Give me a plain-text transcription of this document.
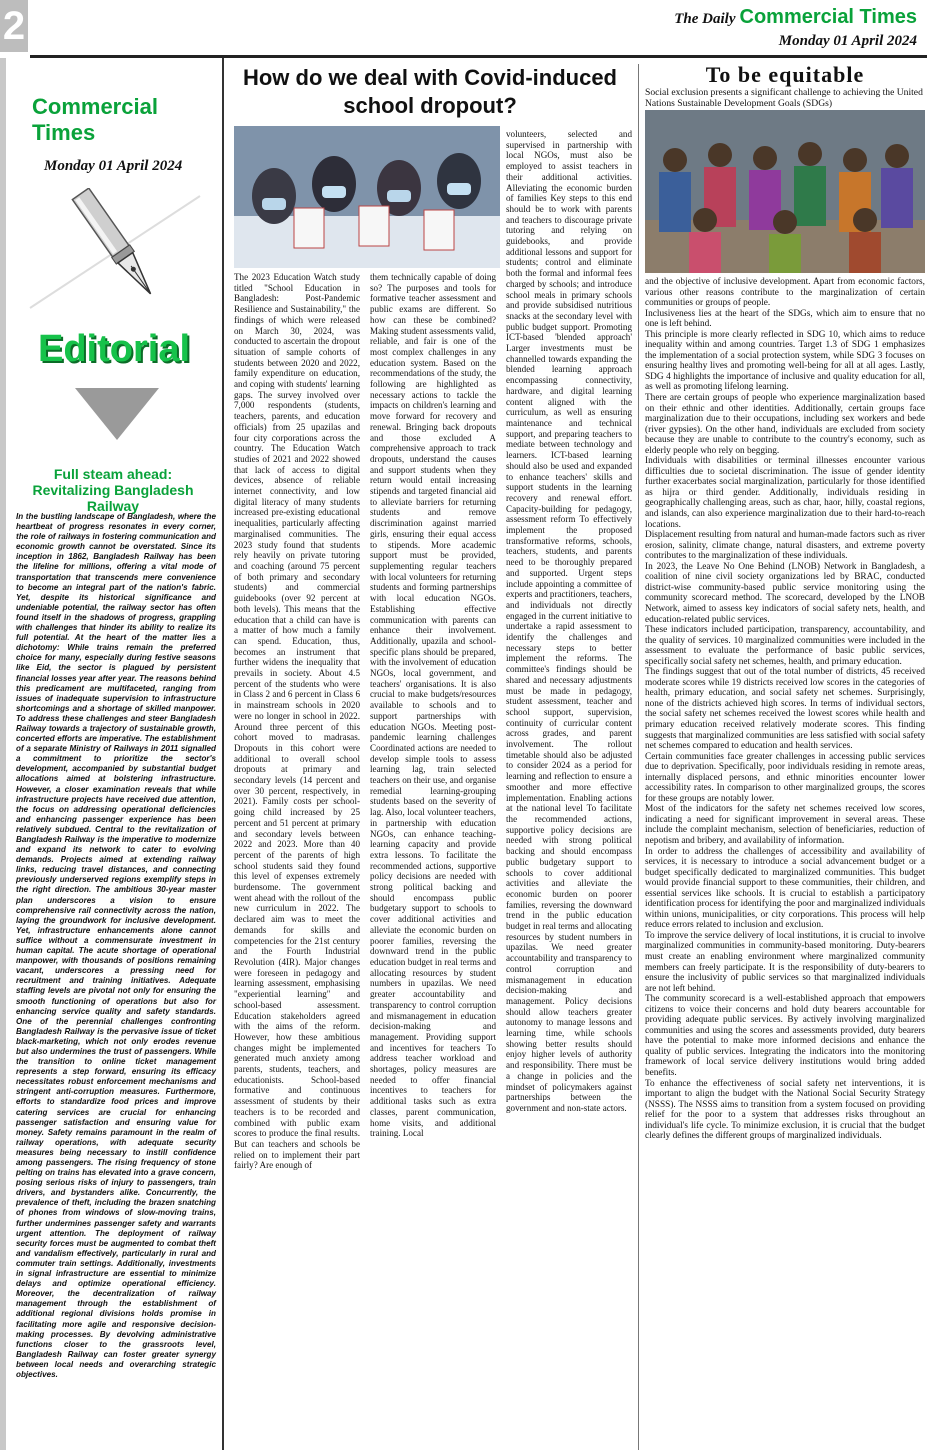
2	The Daily Commercial Times
Monday 01 April 2024
Commercial Times
Monday 01 April 2024
Editorial
Full steam ahead: Revitalizing Bangladesh Railway

In the bustling landscape of Bangladesh, where the heartbeat of progress resonates in every corner, the role of railways in fostering communication and economic growth cannot be overstated. Since its inception in 1862, Bangladesh Railway has been the lifeline for millions, offering a vital mode of transportation that transcends mere convenience to become an integral part of the nation's fabric. Yet, despite its historical significance and undeniable potential, the railway sector has often found itself in the shadows of progress, grappling with challenges that hinder its ability to realize its full potential. At the heart of the matter lies a dichotomy: While trains remain the preferred choice for many, especially during festive seasons like Eid, the sector is plagued by persistent financial losses year after year. The reasons behind this predicament are multifaceted, ranging from issues of inadequate supervision to infrastructure shortcomings and a shortage of skilled manpower. To address these challenges and steer Bangladesh Railway towards a trajectory of sustainable growth, concerted efforts are imperative. The establishment of a separate Ministry of Railways in 2011 signalled a commitment to prioritize the sector's development, accompanied by substantial budget allocations aimed at bolstering infrastructure. However, a closer examination reveals that while infrastructure projects have received due attention, the focus on addressing operational deficiencies and enhancing passenger experience has been relatively subdued. Central to the revitalization of Bangladesh Railway is the imperative to modernize and expand its network to cater to evolving demands. Projects aimed at extending railway links, reducing travel distances, and connecting previously underserved regions exemplify steps in the right direction. The ambitious 30-year master plan underscores a vision to ensure comprehensive rail connectivity across the nation, laying the groundwork for inclusive development. Yet, infrastructure enhancements alone cannot suffice without a commensurate investment in human capital. The acute shortage of operational manpower, with thousands of positions remaining vacant, underscores a pressing need for recruitment and training initiatives. Adequate staffing levels are pivotal not only for ensuring the smooth functioning of operations but also for enhancing service quality and safety standards. One of the perennial challenges confronting Bangladesh Railway is the pervasive issue of ticket black-marketing, which not only erodes revenue but also undermines the trust of passengers. While the transition to online ticket management represents a step forward, ensuring its efficacy necessitates robust enforcement mechanisms and stringent anti-corruption measures. Furthermore, efforts to standardize food prices and improve catering services are crucial for enhancing passenger satisfaction and ensuring value for money. Safety remains paramount in the realm of railway operations, with adequate security measures being necessary to instill confidence among passengers. The rising frequency of stone pelting on trains has elevated into a grave concern, posing serious risks of injury to passengers, train drivers, and bystanders alike. Concurrently, the prevalence of theft, including the brazen snatching of phones from windows of slow-moving trains, further undermines passenger safety and warrants urgent attention. The deployment of railway security forces must be augmented to combat theft and vandalism effectively, particularly in rural and commuter train settings. Additionally, investments in signal infrastructure are essential to minimize delays and optimize operational efficiency. Moreover, the decentralization of railway management through the establishment of additional regional divisions holds promise in facilitating more agile and responsive decision-making processes. By devolving administrative functions closer to the grassroots level, Bangladesh Railway can foster greater synergy between local needs and overarching strategic objectives.

How do we deal with Covid-induced school dropout?

The 2023 Education Watch study titled "School Education in Bangladesh: Post-Pandemic Resilience and Sustainability," the findings of which were released on March 30, 2024, was conducted to ascertain the dropout situation of sample cohorts of students between 2020 and 2022, family expenditure on education, and coping with students' learning gaps. The survey involved over 7,000 respondents (students, teachers, parents, and education officials) from 25 upazilas and four city corporations across the country. The Education Watch studies of 2021 and 2022 showed that lack of access to digital devices, absence of reliable internet connectivity, and low digital literacy of many students increased pre-existing educational inequalities, particularly affecting marginalised communities. The 2023 study found that students rely heavily on private tutoring and coaching (around 75 percent of both primary and secondary students) and commercial guidebooks (over 92 percent at both levels). This means that the education that a child can have is a matter of how much a family can spend. Education, thus, becomes an instrument that further widens the inequality that prevails in society. About 4.5 percent of the students who were in Class 2 and 6 percent in Class 6 in mainstream schools in 2020 were no longer in school in 2022. Around three percent of this cohort moved to madrasas. Dropouts in this cohort were additional to overall school dropouts at primary and secondary levels (14 percent and over 30 percent, respectively, in 2021). Family costs per school-going child increased by 25 percent and 51 percent at primary and secondary levels between 2022 and 2023. More than 40 percent of the parents of high school students said they found this level of expenses extremely burdensome. The government went ahead with the rollout of the new curriculum in 2022. The declared aim was to meet the demands for skills and competencies for the 21st century and the Fourth Industrial Revolution (4IR). Major changes were foreseen in pedagogy and learning assessment, emphasising "experiential learning" and school-based assessment. Education stakeholders agreed with the aims of the reform. However, how these ambitious changes might be implemented generated much anxiety among parents, students, teachers, and educationists. School-based formative and continuous assessment of students by their teachers is to be recorded and combined with public exam scores to produce the final results. But can teachers and schools be relied on to implement their part fairly? Are enough of

them technically capable of doing so? The purposes and tools for formative teacher assessment and public exams are different. So how can these be combined? Making student assessments valid, reliable, and fair is one of the most complex challenges in any education system. Based on the recommendations of the study, the following are highlighted as necessary actions to tackle the impacts on children's learning and move forward for recovery and renewal. Bringing back dropouts and those excluded A comprehensive approach to track dropouts, understand the causes and support students when they return would entail increasing stipends and targeted financial aid to alleviate barriers for returning students and remove discrimination against married girls, ensuring their equal access to stipends. More academic support must be provided, supplementing regular teachers with local volunteers for returning students and forming partnerships with local education NGOs. Establishing effective communication with parents can enhance their involvement. Additionally, upazila and school-specific plans should be prepared, with the involvement of education NGOs, local government, and teachers' organisations. It is also crucial to make budgets/resources available to schools and to support partnerships with education NGOs. Meeting post-pandemic learning challenges Coordinated actions are needed to develop simple tools to assess learning lag, train selected teachers on their use, and organise remedial learning-grouping students based on the severity of lag. Also, local volunteer teachers, in partnership with education NGOs, can enhance teaching-learning capacity and provide extra lessons. To facilitate the recommended actions, supportive policy decisions are needed with strong political backing and should encompass public budgetary support to schools to cover additional activities and alleviate the economic burden on poorer families, reversing the downward trend in the public education budget in real terms and allocating resources by student numbers in upazilas. We need greater accountability and transparency to control corruption and mismanagement in education decision-making and management. Providing support and incentives for teachers To address teacher workload and shortages, policy measures are needed to offer financial incentives to teachers for additional tasks such as extra classes, parent communication, home visits, and additional training. Local

volunteers, selected and supervised in partnership with local NGOs, must also be employed to assist teachers in their additional activities. Alleviating the economic burden of families Key steps to this end should be to work with parents and teachers to discourage private tutoring and relying on guidebooks, and provide additional lessons and support for students; control and eliminate both the formal and informal fees charged by schools; and introduce school meals in primary schools and provide subsidised nutritious snacks at the secondary level with public budget support. Promoting ICT-based 'blended approach' Larger investments must be channelled towards expanding the blended learning approach encompassing connectivity, hardware, and digital learning content aligned with the curriculum, as well as ensuring maintenance and technical support, and preparing teachers to mediate between technology and learners. ICT-based learning should also be used and expanded to enhance teachers' skills and support students in the learning recovery and renewal effort. Capacity-building for pedagogy, assessment reform To effectively implement the proposed transformative reforms, schools, teachers, students, and parents need to be thoroughly prepared and supported. Urgent steps include appointing a committee of experts and practitioners, teachers, and individuals not directly engaged in the current initiative to undertake a rapid assessment to identify the challenges and necessary steps to better implement the reforms. The committee's findings should be shared and necessary adjustments must be made in pedagogy, student assessment, teacher and school support, supervision, continuity of curricular content across grades, and parent involvement. The rollout timetable should also be adjusted to consider 2024 as a period for learning and reflection to ensure a smoother and more effective implementation. Enabling actions at the national level To facilitate the recommended actions, supportive policy decisions are needed with strong political backing and should encompass public budgetary support to schools to cover additional activities and alleviate the economic burden on poorer families, reversing the downward trend in the public education budget in real terms and allocating resources by student numbers in upazilas. We need greater accountability and transparency to control corruption and mismanagement in education decision-making and management. Policy decisions should allow teachers greater autonomy to manage lessons and learning time, while schools showing better results should enjoy higher levels of authority and responsibility. There must be a change in policies and the mindset of policymakers against partnerships between the government and non-state actors.

To be equitable

Social exclusion presents a significant challenge to achieving the United Nations Sustainable Development Goals (SDGs)

and the objective of inclusive development. Apart from economic factors, various other reasons contribute to the marginalization of certain communities or groups of people.

Inclusiveness lies at the heart of the SDGs, which aim to ensure that no one is left behind.

This principle is more clearly reflected in SDG 10, which aims to reduce inequality within and among countries. Target 1.3 of SDG 1 emphasizes the implementation of a social protection system, while SDG 3 focuses on ensuring healthy lives and promoting well-being for all at all ages. Lastly, SDG 4 highlights the importance of inclusive and quality education for all, as well as promoting lifelong learning.

There are certain groups of people who experience marginalization based on their ethnic and other identities. Additionally, certain groups face marginalization due to their occupations, including sex workers and bede (river gypsies). On the other hand, individuals are excluded from society because they are unable to contribute to the country's economy, such as elderly people who rely on begging.

Individuals with disabilities or terminal illnesses encounter various difficulties due to societal discrimination. The issue of gender identity further exacerbates social marginalization, particularly for those identified as hijra or third gender. Additionally, individuals residing in geographically challenging areas, such as char, haor, hilly, coastal regions, and islands, can also experience marginalization due to their hard-to-reach locations.

Displacement resulting from natural and human-made factors such as river erosion, salinity, climate change, natural disasters, and extreme poverty contributes to the marginalization of these individuals.

In 2023, the Leave No One Behind (LNOB) Network in Bangladesh, a coalition of nine civil society organizations led by BRAC, conducted district-wise community-based public service monitoring using the community scorecard method. The scorecard, developed by the LNOB Network, aimed to assess key indicators of social safety nets, health, and education-related public services.

These indicators included participation, transparency, accountability, and the quality of services. 10 marginalized communities were included in the assessment to evaluate the performance of basic public services, specifically social safety net schemes, health, and primary education.

The findings suggest that out of the total number of districts, 45 received moderate scores while 19 districts received low scores in the categories of health, primary education, and social safety net schemes. Surprisingly, none of the districts achieved high scores. In terms of individual sectors, the social safety net schemes received the lowest scores while health and primary education received relatively moderate scores. This finding suggests that marginalized communities are less satisfied with social safety net schemes compared to education and health services.

Certain communities face greater challenges in accessing public services due to deprivation. Specifically, poor individuals residing in remote areas, internally displaced persons, and ethnic minorities encounter lower accessibility rates. In comparison to other marginalized groups, the scores for these groups are notably lower.

Most of the indicators for the safety net schemes received low scores, indicating a need for significant improvement in several areas. These include the complaint mechanism, selection of beneficiaries, reduction of nepotism and bribery, and availability of information.

In order to address the challenges of accessibility and availability of services, it is necessary to introduce a social advancement budget or a budget specifically dedicated to marginalized communities. This budget would provide financial support to these communities, their children, and essential services like schools. It is crucial to establish a participatory identification process for identifying the poor and marginalized individuals within unions, municipalities, or city corporations. This process will help reduce errors related to inclusion and exclusion.

To improve the service delivery of local institutions, it is crucial to involve marginalized communities in community-based monitoring. Duty-bearers must create an enabling environment where marginalized community members can freely participate. It is the responsibility of duty-bearers to ensure the inclusivity of public services so that marginalized individuals are not left behind.

The community scorecard is a well-established approach that empowers citizens to voice their concerns and hold duty bearers accountable for providing adequate public services. By actively involving marginalized communities and using the scores and assessments provided, duty bearers have the potential to make more informed decisions and enhance the quality of public services. Integrating the indicators into the monitoring framework of local service delivery institutions would bring added benefits.

To enhance the effectiveness of social safety net interventions, it is important to align the budget with the National Social Security Strategy (NSSS). The NSSS aims to transition from a system focused on providing relief for the poor to a system that addresses risks throughout an individual's life cycle. To minimize exclusion, it is crucial that the budget clearly defines the different groups of marginalized individuals.
